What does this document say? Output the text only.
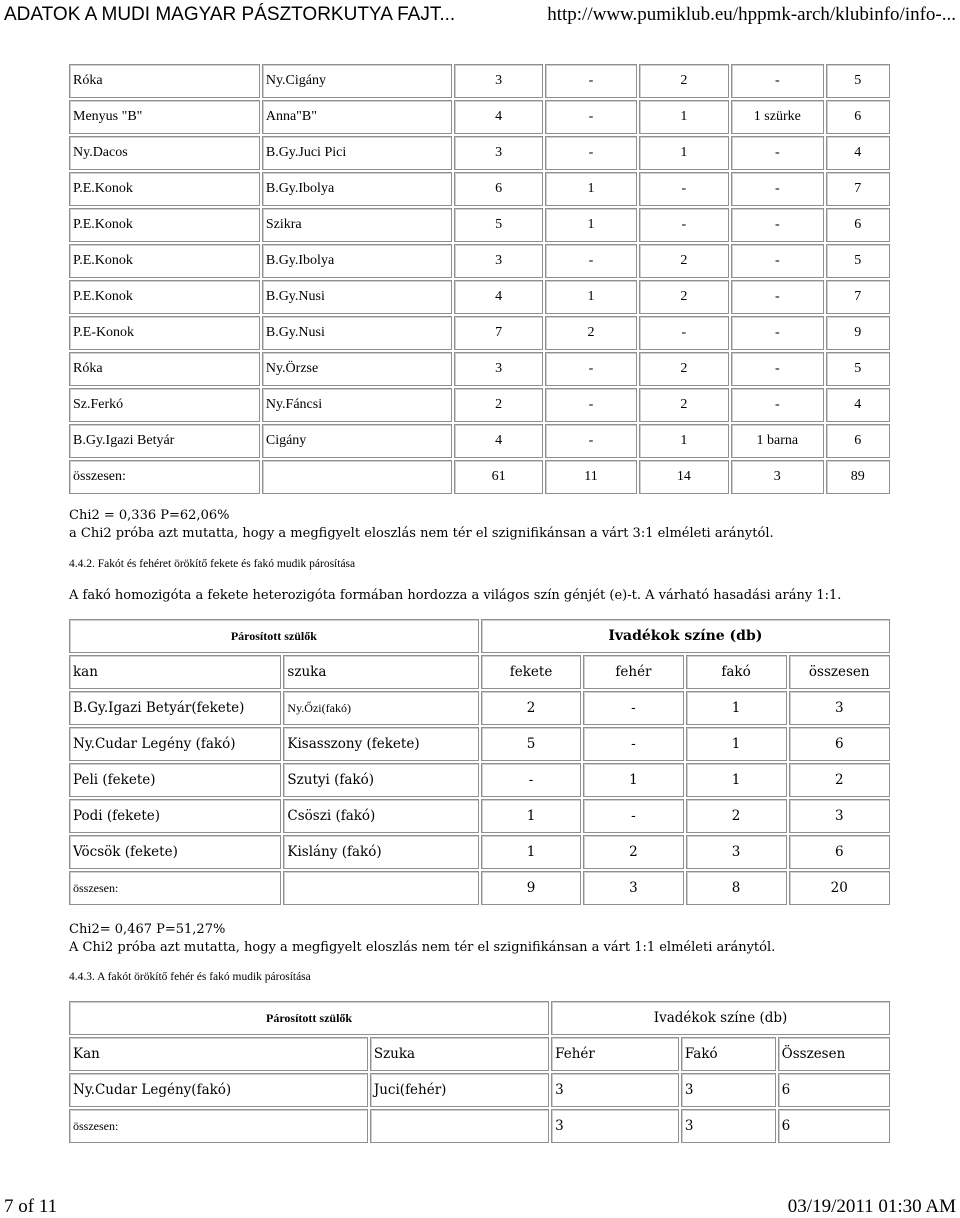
ADATOK A MUDI MAGYAR PÁSZTORKUTYA FAJT...	http://www.pumiklub.eu/hppmk-arch/klubinfo/info-...
Róka	Ny.Cigány	3	-	2	-	5
Menyus "B"	Anna"B"	4	-	1	1 szürke	6
Ny.Dacos	B.Gy.Juci Pici	3	-	1	-	4
P.E.Konok	B.Gy.Ibolya	6	1	-	-	7
P.E.Konok	Szikra	5	1	-	-	6
P.E.Konok	B.Gy.Ibolya	3	-	2	-	5
P.E.Konok	B.Gy.Nusi	4	1	2	-	7
P.E-Konok	B.Gy.Nusi	7	2	-	-	9
Róka	Ny.Örzse	3	-	2	-	5
Sz.Ferkó	Ny.Fáncsi	2	-	2	-	4
B.Gy.Igazi Betyár	Cigány	4	-	1	1 barna	6
összesen:		61	11	14	3	89
Chi2 = 0,336 P=62,06%
a Chi2 próba azt mutatta, hogy a megfigyelt eloszlás nem tér el szignifikánsan a várt 3:1 elméleti aránytól.
4.4.2. Fakót és fehéret örökítő fekete és fakó mudik párosítása
A fakó homozigóta a fekete heterozigóta formában hordozza a világos szín génjét (e)-t. A várható hasadási arány 1:1.
Párosított szülők		Ivadékok színe (db)			
kan	szuka	fekete	fehér	fakó	összesen
B.Gy.Igazi Betyár(fekete)	Ny.Őzi(fakó)	2	-	1	3
Ny.Cudar Legény (fakó)	Kisasszony (fekete)	5	-	1	6
Peli (fekete)	Szutyi (fakó)	-	1	1	2
Podi (fekete)	Csöszi (fakó)	1	-	2	3
Vöcsök (fekete)	Kislány (fakó)	1	2	3	6
összesen:		9	3	8	20
Chi2= 0,467 P=51,27%
A Chi2 próba azt mutatta, hogy a megfigyelt eloszlás nem tér el szignifikánsan a várt 1:1 elméleti aránytól.
4.4.3. A fakót örökítő fehér és fakó mudik párosítása
Párosított szülők		Ivadékok színe (db)		
Kan	Szuka	Fehér	Fakó	Összesen
Ny.Cudar Legény(fakó)	Juci(fehér)	3	3	6
összesen:		3	3	6
7 of 11	03/19/2011 01:30 AM
